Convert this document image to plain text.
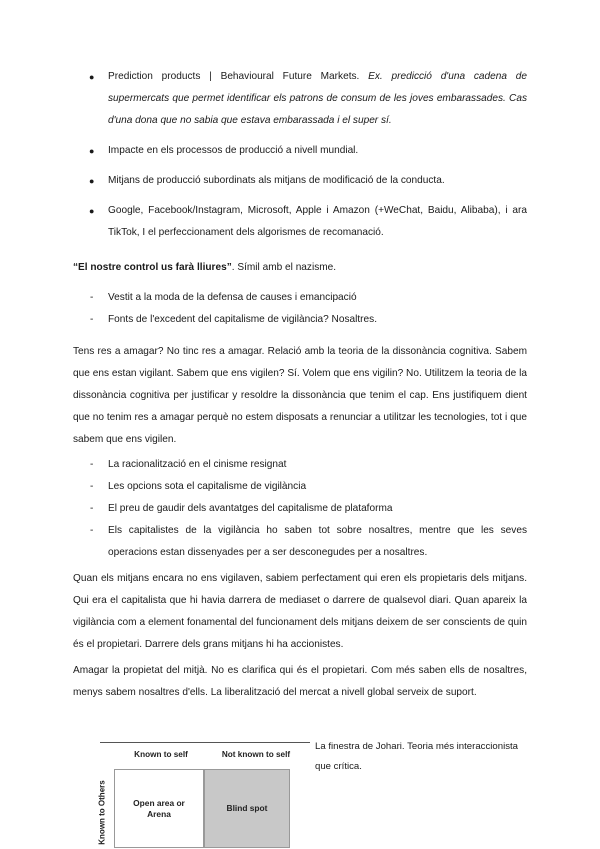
● Prediction products | Behavioural Future Markets. Ex. predicció d'una cadena de supermercats que permet identificar els patrons de consum de les joves embarassades. Cas d'una dona que no sabia que estava embarassada i el super sí.
● Impacte en els processos de producció a nivell mundial.
● Mitjans de producció subordinats als mitjans de modificació de la conducta.
● Google, Facebook/Instagram, Microsoft, Apple i Amazon (+WeChat, Baidu, Alibaba), i ara TikTok, I el perfeccionament dels algorismes de recomanació.

“El nostre control us farà lliures”. Símil amb el nazisme.

- Vestit a la moda de la defensa de causes i emancipació
- Fonts de l'excedent del capitalisme de vigilància? Nosaltres.

Tens res a amagar? No tinc res a amagar. Relació amb la teoria de la dissonància cognitiva. Sabem que ens estan vigilant. Sabem que ens vigilen? Sí. Volem que ens vigilin? No. Utilitzem la teoria de la dissonància cognitiva per justificar y resoldre la dissonància que tenim el cap. Ens justifiquem dient que no tenim res a amagar perquè no estem disposats a renunciar a utilitzar les tecnologies, tot i que sabem que ens vigilen.

- La racionalització en el cinisme resignat
- Les opcions sota el capitalisme de vigilància
- El preu de gaudir dels avantatges del capitalisme de plataforma
- Els capitalistes de la vigilància ho saben tot sobre nosaltres, mentre que les seves operacions estan dissenyades per a ser desconegudes per a nosaltres.

Quan els mitjans encara no ens vigilaven, sabiem perfectament qui eren els propietaris dels mitjans. Qui era el capitalista que hi havia darrera de mediaset o darrere de qualsevol diari. Quan apareix la vigilància com a element fonamental del funcionament dels mitjans deixem de ser conscients de quin és el propietari. Darrere dels grans mitjans hi ha accionistes.

Amagar la propietat del mitjà. No es clarifica qui és el propietari. Com més saben ells de nosaltres, menys sabem nosaltres d'ells. La liberalització del mercat a nivell global serveix de suport.

Known to self	Not known to self
Known to Others	Open area or Arena
Blind spot

La finestra de Johari. Teoria més interaccionista que crítica.
